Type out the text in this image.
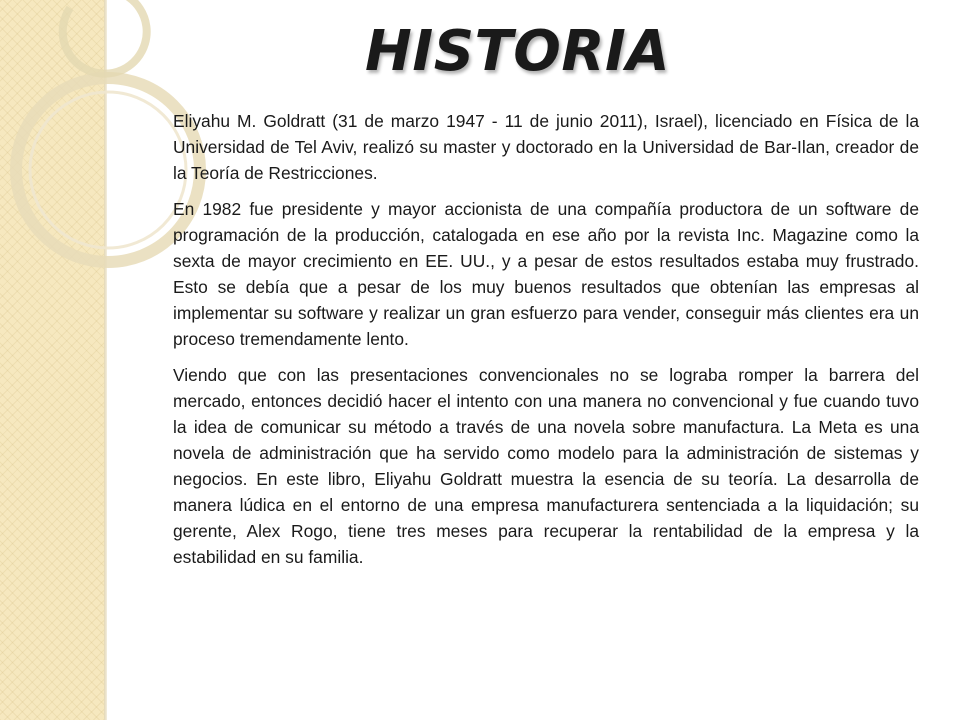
HISTORIA

Eliyahu M. Goldratt (31 de marzo 1947 - 11 de junio 2011), Israel), licenciado en Física de la Universidad de Tel Aviv, realizó su master y doctorado en la Universidad de Bar-Ilan, creador de la Teoría de Restricciones.

En 1982 fue presidente y mayor accionista de una compañía productora de un software de programación de la producción, catalogada en ese año por la revista Inc. Magazine como la sexta de mayor crecimiento en EE. UU., y a pesar de estos resultados estaba muy frustrado. Esto se debía que a pesar de los muy buenos resultados que obtenían las empresas al implementar su software y realizar un gran esfuerzo para vender, conseguir más clientes era un proceso tremendamente lento.

Viendo que con las presentaciones convencionales no se lograba romper la barrera del mercado, entonces decidió hacer el intento con una manera no convencional y fue cuando tuvo la idea de comunicar su método a través de una novela sobre manufactura. La Meta es una novela de administración que ha servido como modelo para la administración de sistemas y negocios. En este libro, Eliyahu Goldratt muestra la esencia de su teoría. La desarrolla de manera lúdica en el entorno de una empresa manufacturera sentenciada a la liquidación; su gerente, Alex Rogo, tiene tres meses para recuperar la rentabilidad de la empresa y la estabilidad en su familia.
